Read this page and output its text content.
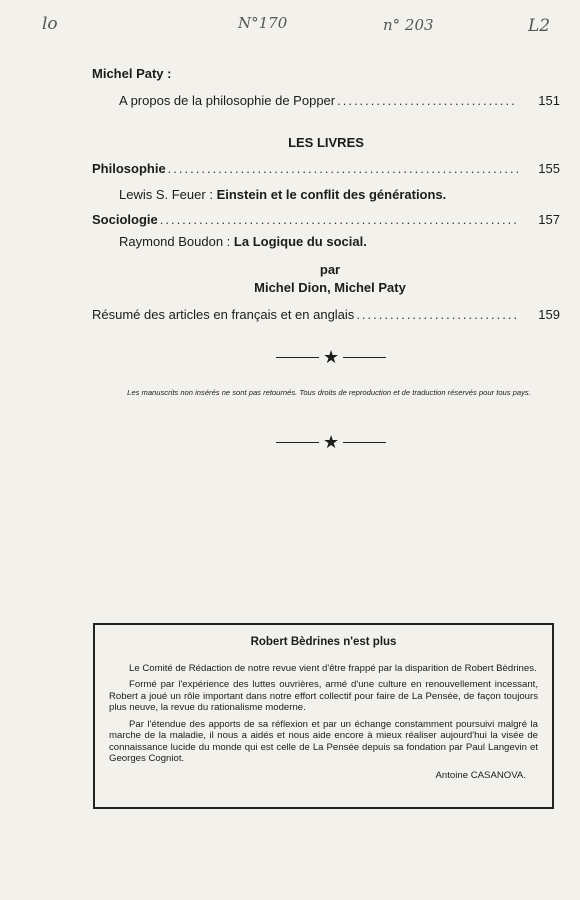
lo	N°170	n° 203	L2
Michel Paty :
A propos de la philosophie de Popper .....	151
LES LIVRES
Philosophie .....	155
Lewis S. Feuer : Einstein et le conflit des générations.
Sociologie .....	157
Raymond Boudon : La Logique du social.
par
Michel Dion, Michel Paty
Résumé des articles en français et en anglais .....	159
★
Les manuscrits non insérés ne sont pas retournés. Tous droits de reproduction et de traduction réservés pour tous pays.
★
Robert Bèdrines n'est plus

Le Comité de Rédaction de notre revue vient d'être frappé par la disparition de Robert Bèdrines.

Formé par l'expérience des luttes ouvrières, armé d'une culture en renouvellement incessant, Robert a joué un rôle important dans notre effort collectif pour faire de La Pensée, de façon toujours plus neuve, la revue du rationalisme moderne.

Par l'étendue des apports de sa réflexion et par un échange constamment poursuivi malgré la marche de la maladie, il nous a aidés et nous aide encore à mieux réaliser aujourd'hui la visée de connaissance lucide du monde qui est celle de La Pensée depuis sa fondation par Paul Langevin et Georges Cogniot.

Antoine CASANOVA.
